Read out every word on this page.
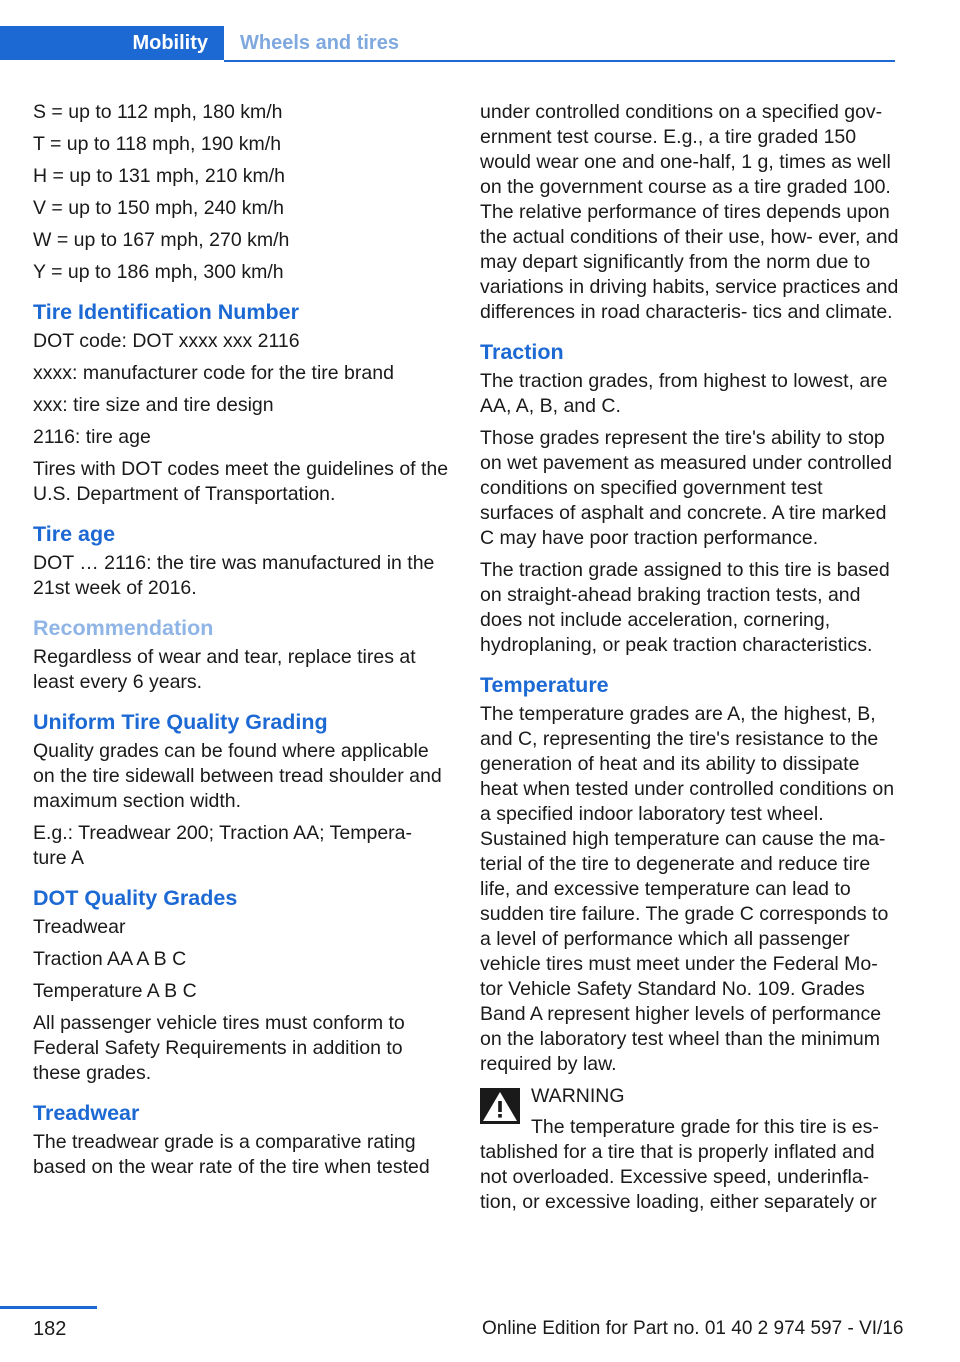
Mobility	Wheels and tires

S = up to 112 mph, 180 km/h

T = up to 118 mph, 190 km/h

H = up to 131 mph, 210 km/h

V = up to 150 mph, 240 km/h

W = up to 167 mph, 270 km/h

Y = up to 186 mph, 300 km/h

Tire Identification Number

DOT code: DOT xxxx xxx 2116

xxxx: manufacturer code for the tire brand

xxx: tire size and tire design

2116: tire age

Tires with DOT codes meet the guidelines of the U.S. Department of Transportation.

Tire age

DOT … 2116: the tire was manufactured in the 21st week of 2016.

Recommendation

Regardless of wear and tear, replace tires at least every 6 years.

Uniform Tire Quality Grading

Quality grades can be found where applicable on the tire sidewall between tread shoulder and maximum section width.

E.g.: Treadwear 200; Traction AA; Tempera‐ ture A

DOT Quality Grades

Treadwear

Traction AA A B C

Temperature A B C

All passenger vehicle tires must conform to Federal Safety Requirements in addition to these grades.

Treadwear

The treadwear grade is a comparative rating based on the wear rate of the tire when tested

under controlled conditions on a specified gov‐ ernment test course. E.g., a tire graded 150 would wear one and one-half, 1 g, times as well on the government course as a tire graded 100. The relative performance of tires depends upon the actual conditions of their use, how‐ ever, and may depart significantly from the norm due to variations in driving habits, service practices and differences in road characteris‐ tics and climate.

Traction

The traction grades, from highest to lowest, are AA, A, B, and C.

Those grades represent the tire's ability to stop on wet pavement as measured under controlled conditions on specified government test surfaces of asphalt and concrete. A tire marked C may have poor traction performance.

The traction grade assigned to this tire is based on straight-ahead braking traction tests, and does not include acceleration, cornering, hydroplaning, or peak traction characteristics.

Temperature

The temperature grades are A, the highest, B, and C, representing the tire's resistance to the generation of heat and its ability to dissipate heat when tested under controlled conditions on a specified indoor laboratory test wheel. Sustained high temperature can cause the ma‐ terial of the tire to degenerate and reduce tire life, and excessive temperature can lead to sudden tire failure. The grade C corresponds to a level of performance which all passenger vehicle tires must meet under the Federal Mo‐ tor Vehicle Safety Standard No. 109. Grades Band A represent higher levels of performance on the laboratory test wheel than the minimum required by law.

WARNING

The temperature grade for this tire is es‐ tablished for a tire that is properly inflated and not overloaded. Excessive speed, underinfla‐ tion, or excessive loading, either separately or

182	Online Edition for Part no. 01 40 2 974 597 - VI/16
